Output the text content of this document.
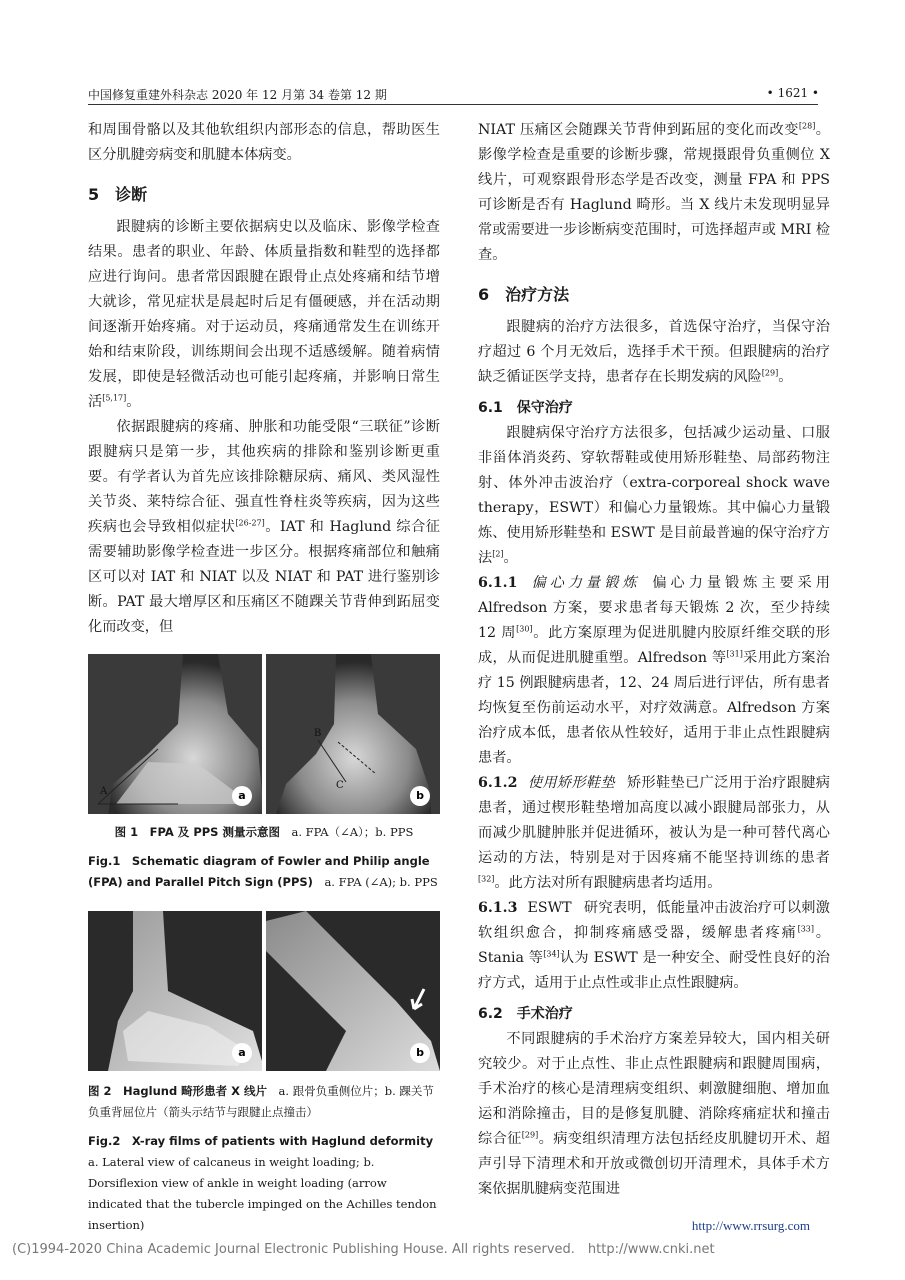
中国修复重建外科杂志 2020 年 12 月第 34 卷第 12 期	• 1621 •

和周围骨骼以及其他软组织内部形态的信息，帮助医生区分肌腱旁病变和肌腱本体病变。

5　诊断

跟腱病的诊断主要依据病史以及临床、影像学检查结果。患者的职业、年龄、体质量指数和鞋型的选择都应进行询问。患者常因跟腱在跟骨止点处疼痛和结节增大就诊，常见症状是晨起时后足有僵硬感，并在活动期间逐渐开始疼痛。对于运动员，疼痛通常发生在训练开始和结束阶段，训练期间会出现不适感缓解。随着病情发展，即使是轻微活动也可能引起疼痛，并影响日常生活[5,17]。

依据跟腱病的疼痛、肿胀和功能受限“三联征”诊断跟腱病只是第一步，其他疾病的排除和鉴别诊断更重要。有学者认为首先应该排除糖尿病、痛风、类风湿性关节炎、莱特综合征、强直性脊柱炎等疾病，因为这些疾病也会导致相似症状[26-27]。IAT 和 Haglund 综合征需要辅助影像学检查进一步区分。根据疼痛部位和触痛区可以对 IAT 和 NIAT 以及 NIAT 和 PAT 进行鉴别诊断。PAT 最大增厚区和压痛区不随踝关节背伸到跖屈变化而改变，但

A	a
B
C
b
图 1　FPA 及 PPS 测量示意图　 a. FPA（∠A）；b. PPS
Fig.1　Schematic diagram of Fowler and Philip angle (FPA) and Parallel Pitch Sign (PPS)　 a. FPA (∠A); b. PPS
a	b
图 2　Haglund 畸形患者 X 线片　 a. 跟骨负重侧位片；b. 踝关节负重背屈位片（箭头示结节与跟腱止点撞击）
Fig.2　X-ray films of patients with Haglund deformity　a. Lateral view of calcaneus in weight loading; b. Dorsiflexion view of ankle in weight loading (arrow indicated that the tubercle impinged on the Achilles tendon insertion)

NIAT 压痛区会随踝关节背伸到跖屈的变化而改变[28]。影像学检查是重要的诊断步骤，常规摄跟骨负重侧位 X 线片，可观察跟骨形态学是否改变，测量 FPA 和 PPS 可诊断是否有 Haglund 畸形。当 X 线片未发现明显异常或需要进一步诊断病变范围时，可选择超声或 MRI 检查。

6　治疗方法

跟腱病的治疗方法很多，首选保守治疗，当保守治疗超过 6 个月无效后，选择手术干预。但跟腱病的治疗缺乏循证医学支持，患者存在长期发病的风险[29]。

6.1　保守治疗

跟腱病保守治疗方法很多，包括减少运动量、口服非甾体消炎药、穿软帮鞋或使用矫形鞋垫、局部药物注射、体外冲击波治疗（extra-corporeal shock wave therapy，ESWT）和偏心力量锻炼。其中偏心力量锻炼、使用矫形鞋垫和 ESWT 是目前最普遍的保守治疗方法[2]。

6.1.1 偏心力量锻炼 偏心力量锻炼主要采用 Alfredson 方案，要求患者每天锻炼 2 次，至少持续 12 周[30]。此方案原理为促进肌腱内胶原纤维交联的形成，从而促进肌腱重塑。Alfredson 等[31]采用此方案治疗 15 例跟腱病患者，12、24 周后进行评估，所有患者均恢复至伤前运动水平，对疗效满意。Alfredson 方案治疗成本低，患者依从性较好，适用于非止点性跟腱病患者。

6.1.2 使用矫形鞋垫 矫形鞋垫已广泛用于治疗跟腱病患者，通过楔形鞋垫增加高度以减小跟腱局部张力，从而减少肌腱肿胀并促进循环，被认为是一种可替代离心运动的方法，特别是对于因疼痛不能坚持训练的患者[32]。此方法对所有跟腱病患者均适用。

6.1.3 ESWT 研究表明，低能量冲击波治疗可以刺激软组织愈合，抑制疼痛感受器，缓解患者疼痛[33]。Stania 等[34]认为 ESWT 是一种安全、耐受性良好的治疗方式，适用于止点性或非止点性跟腱病。

6.2　手术治疗

不同跟腱病的手术治疗方案差异较大，国内相关研究较少。对于止点性、非止点性跟腱病和跟腱周围病，手术治疗的核心是清理病变组织、刺激腱细胞、增加血运和消除撞击，目的是修复肌腱、消除疼痛症状和撞击综合征[29]。病变组织清理方法包括经皮肌腱切开术、超声引导下清理术和开放或微创切开清理术，具体手术方案依据肌腱病变范围进

http://www.rrsurg.com
(C)1994-2020 China Academic Journal Electronic Publishing House. All rights reserved.　http://www.cnki.net
